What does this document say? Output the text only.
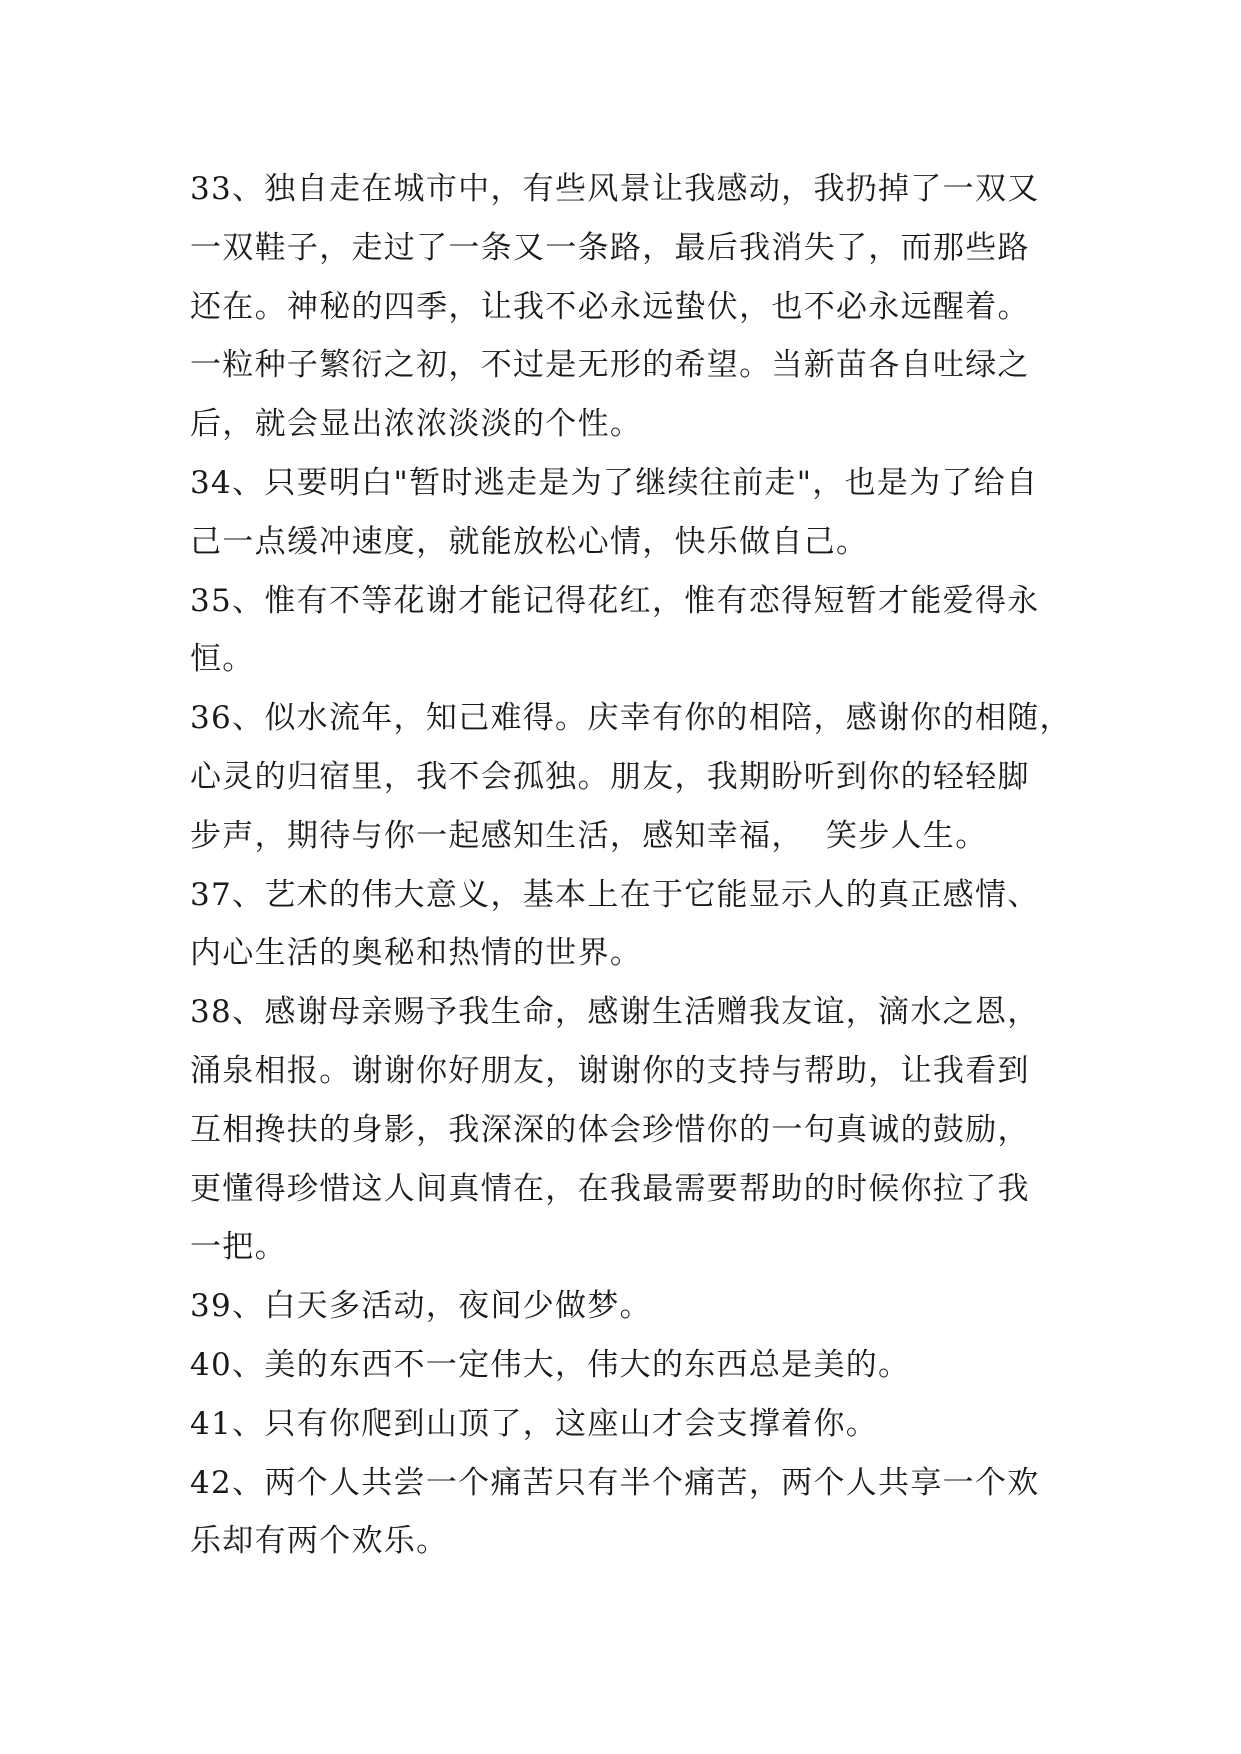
33、独自走在城市中，有些风景让我感动，我扔掉了一双又

一双鞋子，走过了一条又一条路，最后我消失了，而那些路

还在。神秘的四季，让我不必永远蛰伏，也不必永远醒着。

一粒种子繁衍之初，不过是无形的希望。当新苗各自吐绿之

后，就会显出浓浓淡淡的个性。

34、只要明白"暂时逃走是为了继续往前走"，也是为了给自

己一点缓冲速度，就能放松心情，快乐做自己。

35、惟有不等花谢才能记得花红，惟有恋得短暂才能爱得永

恒。

36、似水流年，知己难得。庆幸有你的相陪，感谢你的相随，

心灵的归宿里，我不会孤独。朋友，我期盼听到你的轻轻脚

步声，期待与你一起感知生活，感知幸福，  笑步人生。

37、艺术的伟大意义，基本上在于它能显示人的真正感情、

内心生活的奥秘和热情的世界。

38、感谢母亲赐予我生命，感谢生活赠我友谊，滴水之恩，

涌泉相报。谢谢你好朋友，谢谢你的支持与帮助，让我看到

互相搀扶的身影，我深深的体会珍惜你的一句真诚的鼓励，

更懂得珍惜这人间真情在，在我最需要帮助的时候你拉了我

一把。

39、白天多活动，夜间少做梦。

40、美的东西不一定伟大，伟大的东西总是美的。

41、只有你爬到山顶了，这座山才会支撑着你。

42、两个人共尝一个痛苦只有半个痛苦，两个人共享一个欢

乐却有两个欢乐。
